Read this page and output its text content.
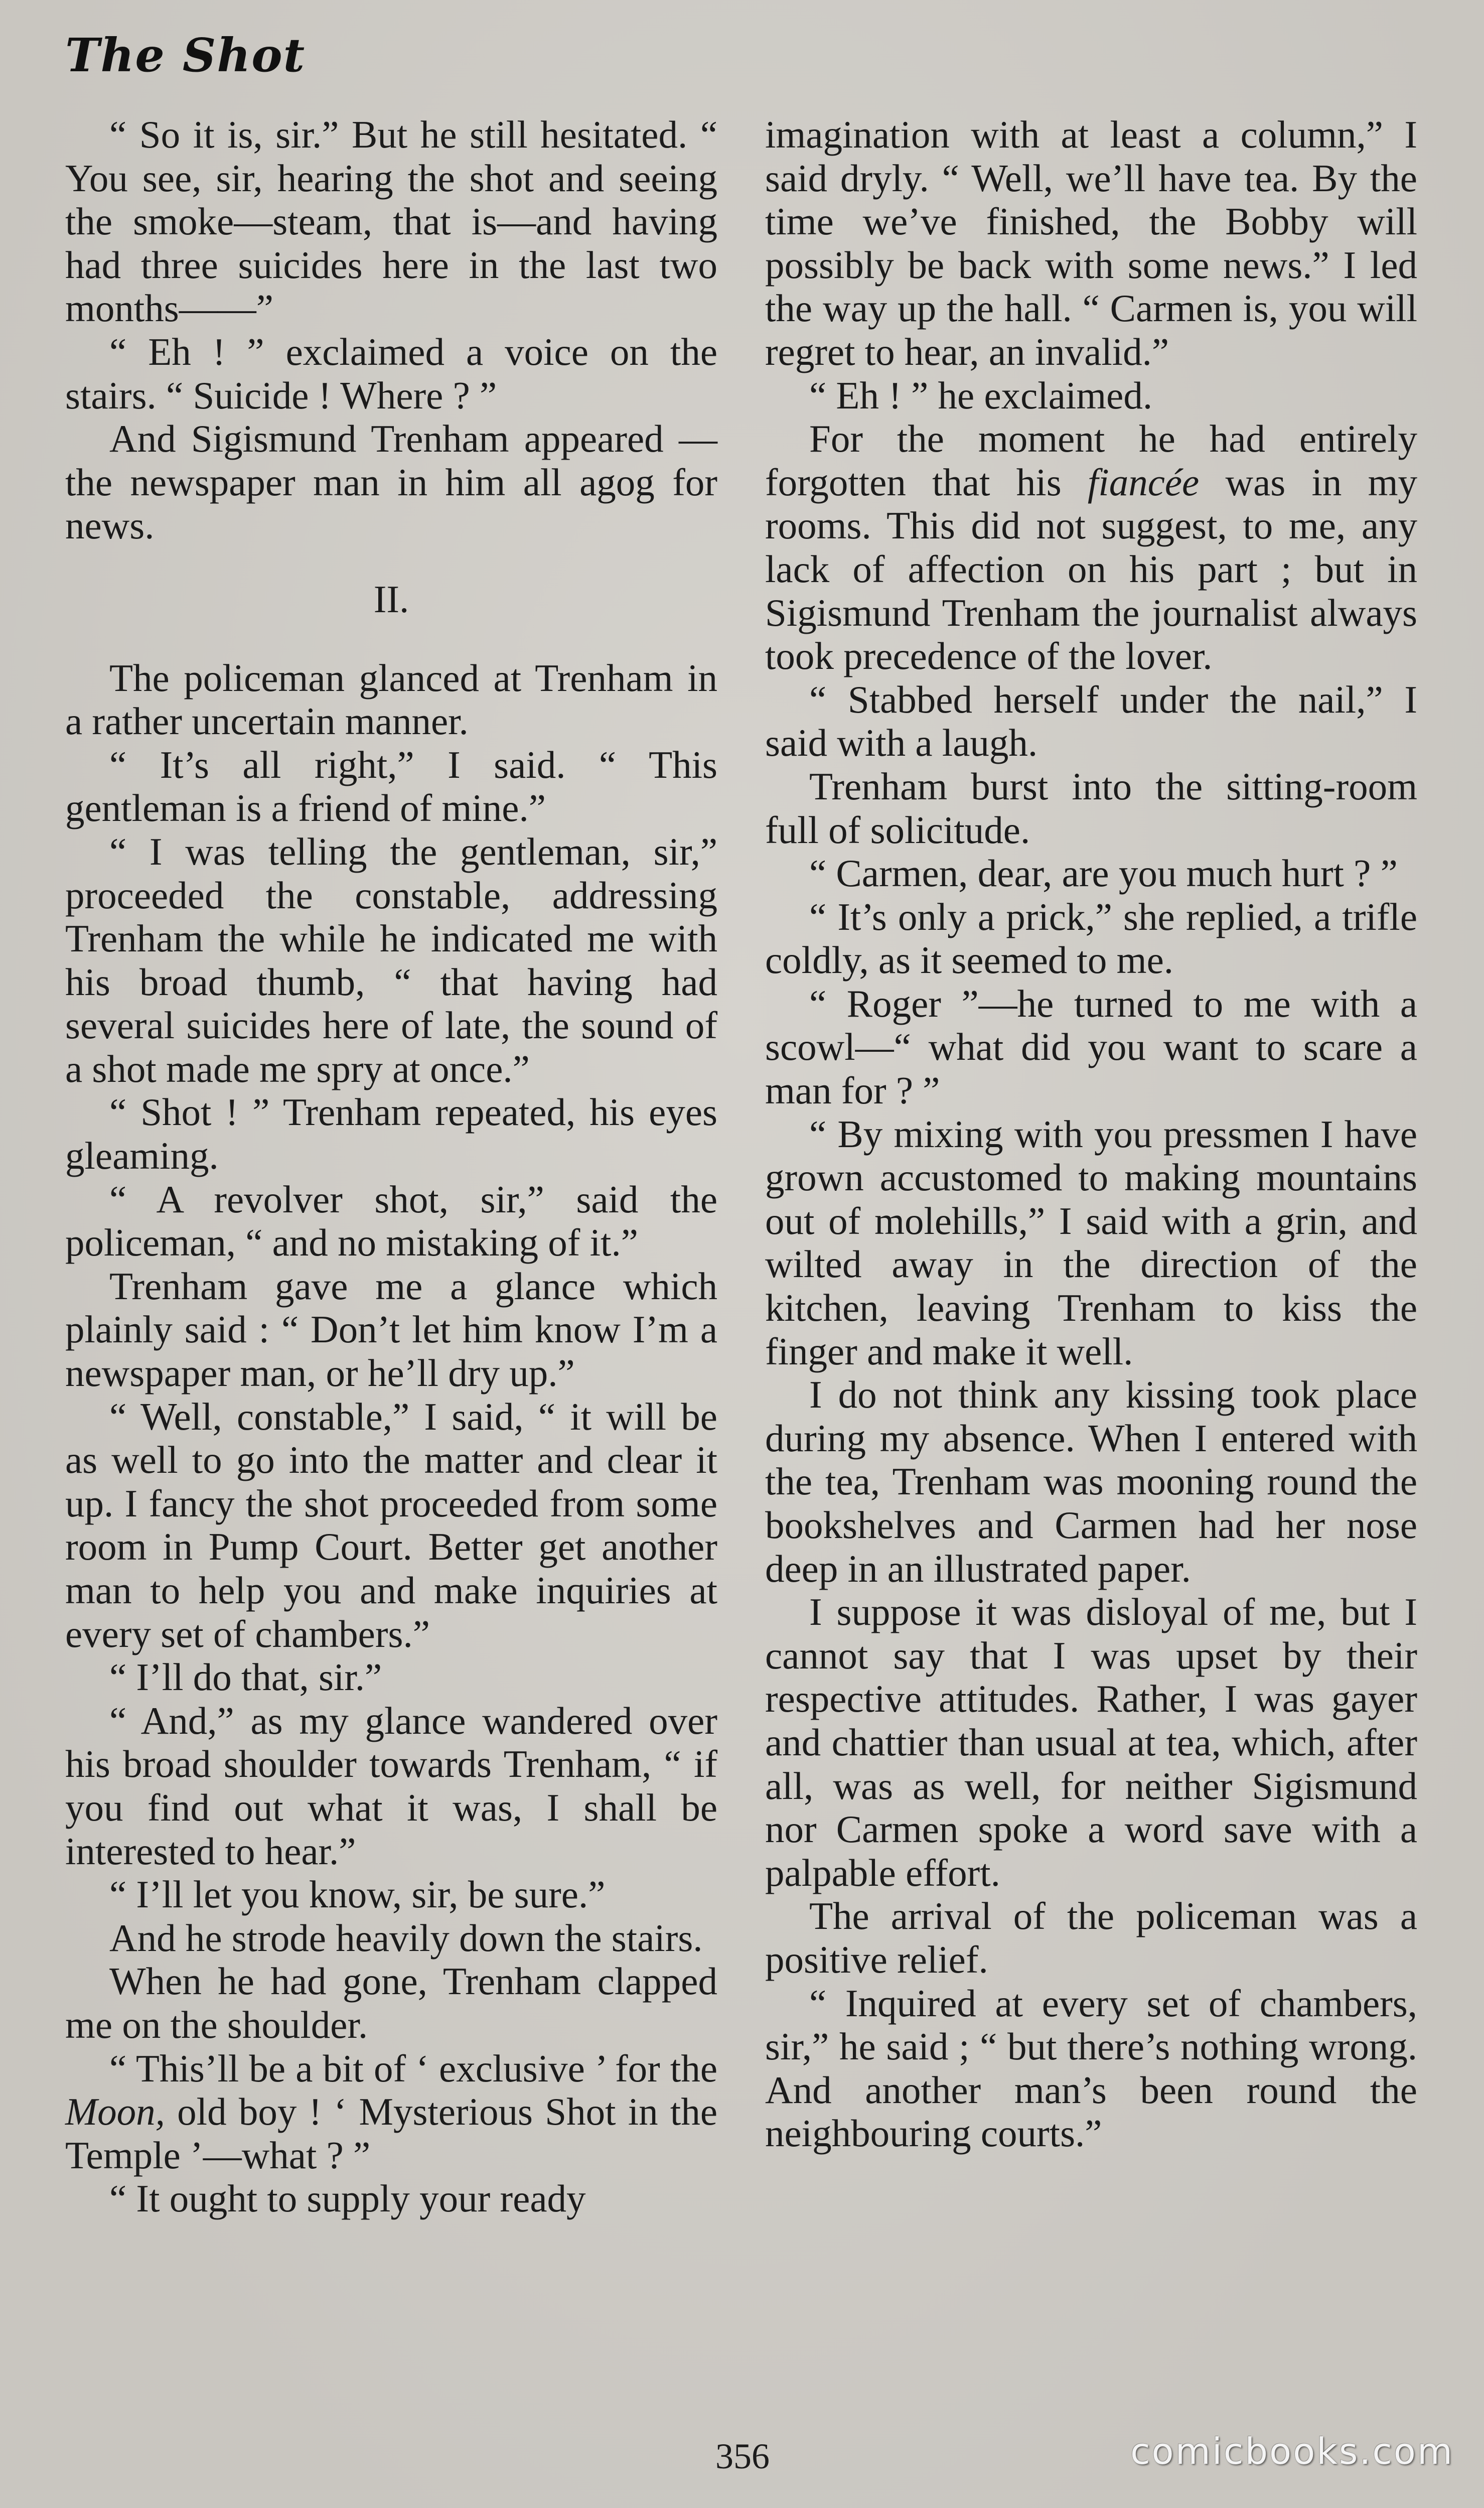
The Shot

“ So it is, sir.” But he still hesitated. “ You see, sir, hearing the shot and seeing the smoke—steam, that is—and having had three suicides here in the last two months——”

“ Eh ! ” exclaimed a voice on the stairs. “ Suicide ! Where ? ”

And Sigismund Trenham appeared —the newspaper man in him all agog for news.

II.

The policeman glanced at Trenham in a rather uncertain manner.

“ It’s all right,” I said. “ This gentleman is a friend of mine.”

“ I was telling the gentleman, sir,” proceeded the constable, addressing Trenham the while he indicated me with his broad thumb, “ that having had several suicides here of late, the sound of a shot made me spry at once.”

“ Shot ! ” Trenham repeated, his eyes gleaming.

“ A revolver shot, sir,” said the policeman, “ and no mistaking of it.”

Trenham gave me a glance which plainly said : “ Don’t let him know I’m a newspaper man, or he’ll dry up.”

“ Well, constable,” I said, “ it will be as well to go into the matter and clear it up. I fancy the shot proceeded from some room in Pump Court. Better get another man to help you and make inquiries at every set of chambers.”

“ I’ll do that, sir.”

“ And,” as my glance wandered over his broad shoulder towards Trenham, “ if you find out what it was, I shall be interested to hear.”

“ I’ll let you know, sir, be sure.”

And he strode heavily down the stairs.

When he had gone, Trenham clapped me on the shoulder.

“ This’ll be a bit of ‘ exclusive ’ for the Moon, old boy ! ‘ Mysterious Shot in the Temple ’—what ? ”

“ It ought to supply your ready

imagination with at least a column,” I said dryly. “ Well, we’ll have tea. By the time we’ve finished, the Bobby will possibly be back with some news.” I led the way up the hall. “ Carmen is, you will regret to hear, an invalid.”

“ Eh ! ” he exclaimed.

For the moment he had entirely forgotten that his fiancée was in my rooms. This did not suggest, to me, any lack of affection on his part ; but in Sigismund Trenham the journalist always took precedence of the lover.

“ Stabbed herself under the nail,” I said with a laugh.

Trenham burst into the sitting-room full of solicitude.

“ Carmen, dear, are you much hurt ? ”

“ It’s only a prick,” she replied, a trifle coldly, as it seemed to me.

“ Roger ”—he turned to me with a scowl—“ what did you want to scare a man for ? ”

“ By mixing with you pressmen I have grown accustomed to making mountains out of molehills,” I said with a grin, and wilted away in the direction of the kitchen, leaving Trenham to kiss the finger and make it well.

I do not think any kissing took place during my absence. When I entered with the tea, Trenham was mooning round the bookshelves and Carmen had her nose deep in an illustrated paper.

I suppose it was disloyal of me, but I cannot say that I was upset by their respective attitudes. Rather, I was gayer and chattier than usual at tea, which, after all, was as well, for neither Sigismund nor Carmen spoke a word save with a palpable effort.

The arrival of the policeman was a positive relief.

“ Inquired at every set of chambers, sir,” he said ; “ but there’s nothing wrong. And another man’s been round the neighbouring courts.”

356	comicbooks.com
